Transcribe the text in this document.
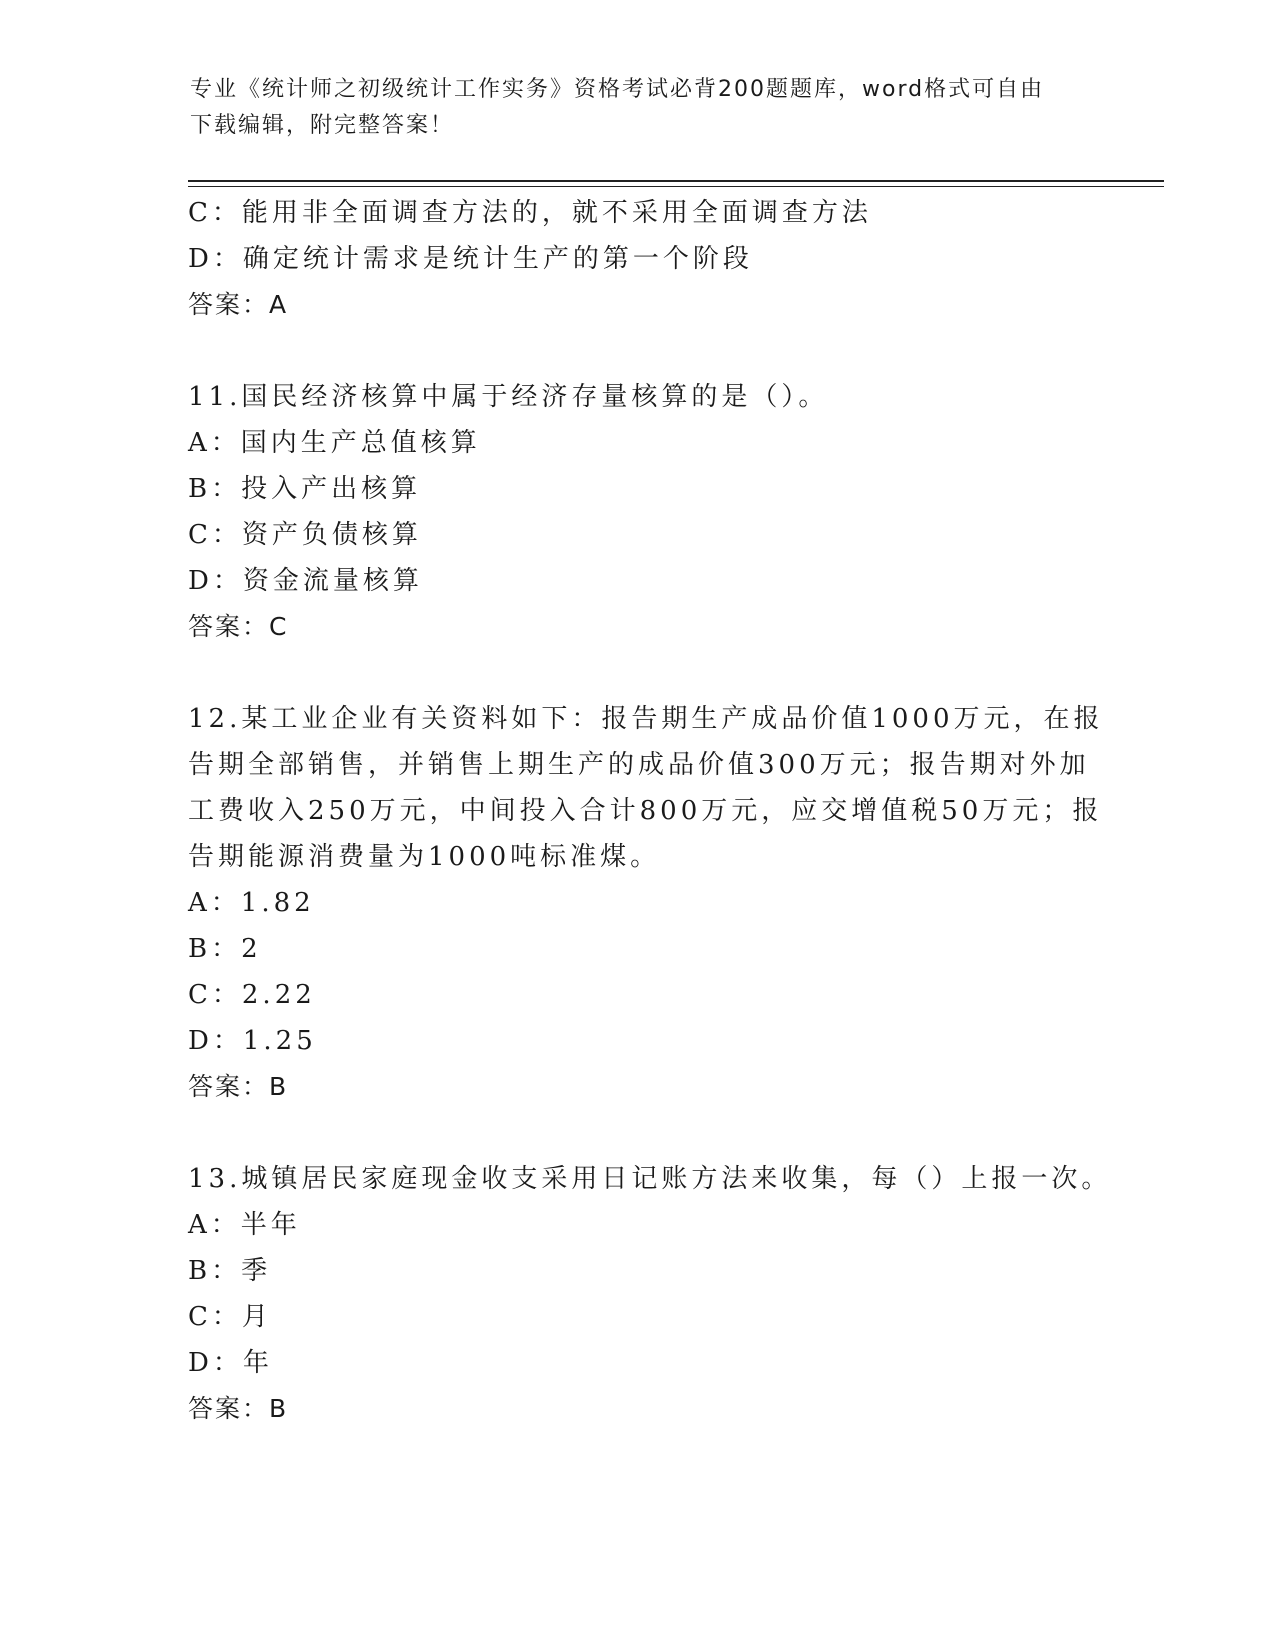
专业《统计师之初级统计工作实务》资格考试必背200题题库，word格式可自由
下载编辑，附完整答案！
C：能用非全面调查方法的，就不采用全面调查方法
D：确定统计需求是统计生产的第一个阶段
答案：A
11.国民经济核算中属于经济存量核算的是（）。
A：国内生产总值核算
B：投入产出核算
C：资产负债核算
D：资金流量核算
答案：C
12.某工业企业有关资料如下：报告期生产成品价值1000万元，在报
告期全部销售，并销售上期生产的成品价值300万元；报告期对外加
工费收入250万元，中间投入合计800万元，应交增值税50万元；报
告期能源消费量为1000吨标准煤。
A：1.82
B：2
C：2.22
D：1.25
答案：B
13.城镇居民家庭现金收支采用日记账方法来收集，每（）上报一次。
A：半年
B：季
C：月
D：年
答案：B
